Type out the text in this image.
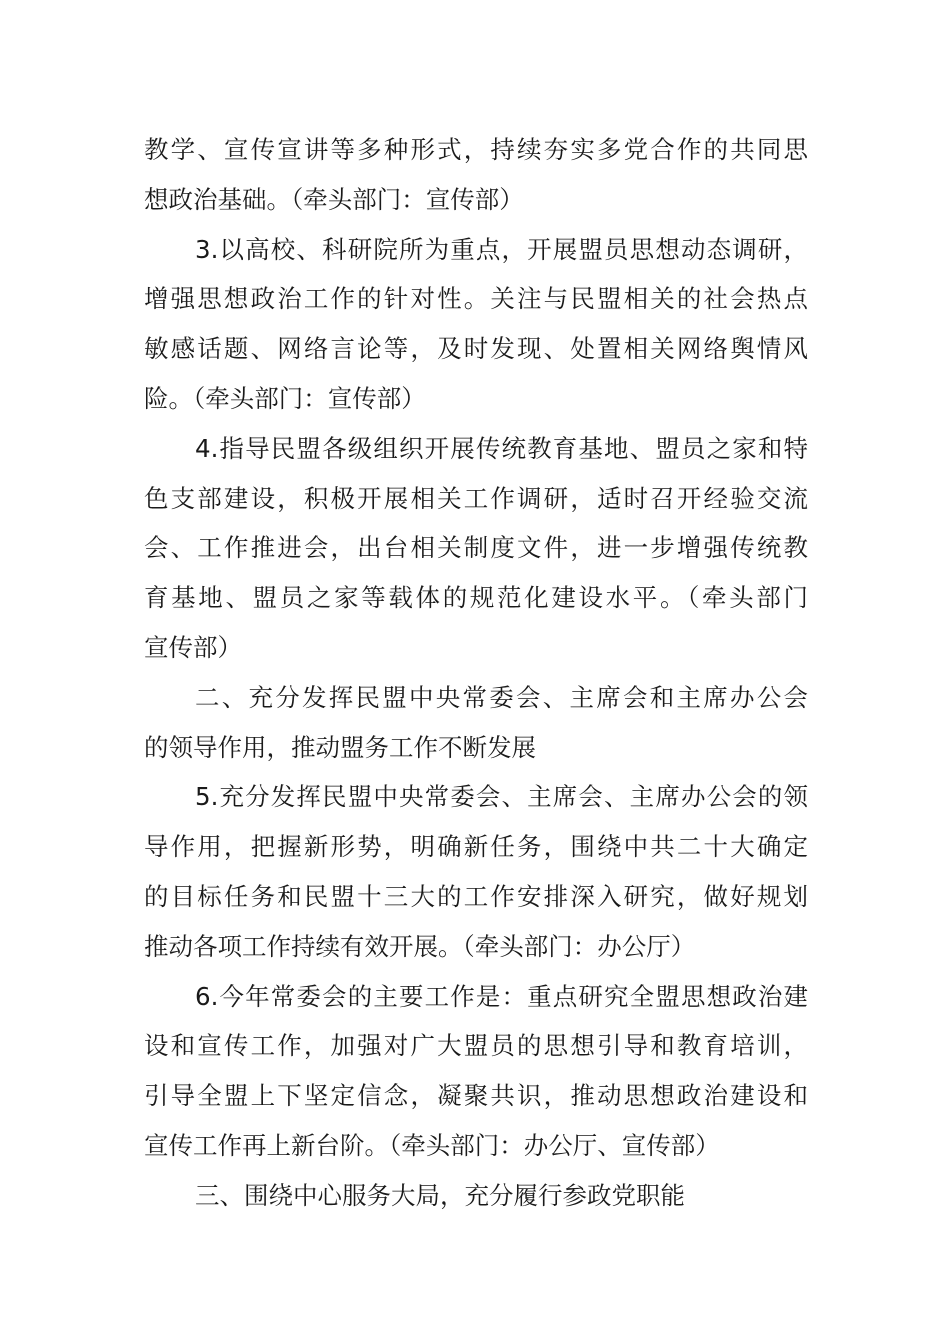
教学、宣传宣讲等多种形式，持续夯实多党合作的共同思
想政治基础。（牵头部门：宣传部）
3.以高校、科研院所为重点，开展盟员思想动态调研，
增强思想政治工作的针对性。关注与民盟相关的社会热点
敏感话题、网络言论等，及时发现、处置相关网络舆情风
险。（牵头部门：宣传部）
4.指导民盟各级组织开展传统教育基地、盟员之家和特
色支部建设，积极开展相关工作调研，适时召开经验交流
会、工作推进会，出台相关制度文件，进一步增强传统教
育基地、盟员之家等载体的规范化建设水平。（牵头部门
宣传部）
二、充分发挥民盟中央常委会、主席会和主席办公会
的领导作用，推动盟务工作不断发展
5.充分发挥民盟中央常委会、主席会、主席办公会的领
导作用，把握新形势，明确新任务，围绕中共二十大确定
的目标任务和民盟十三大的工作安排深入研究，做好规划
推动各项工作持续有效开展。（牵头部门：办公厅）
6.今年常委会的主要工作是：重点研究全盟思想政治建
设和宣传工作，加强对广大盟员的思想引导和教育培训，
引导全盟上下坚定信念，凝聚共识，推动思想政治建设和
宣传工作再上新台阶。（牵头部门：办公厅、宣传部）
三、围绕中心服务大局，充分履行参政党职能
